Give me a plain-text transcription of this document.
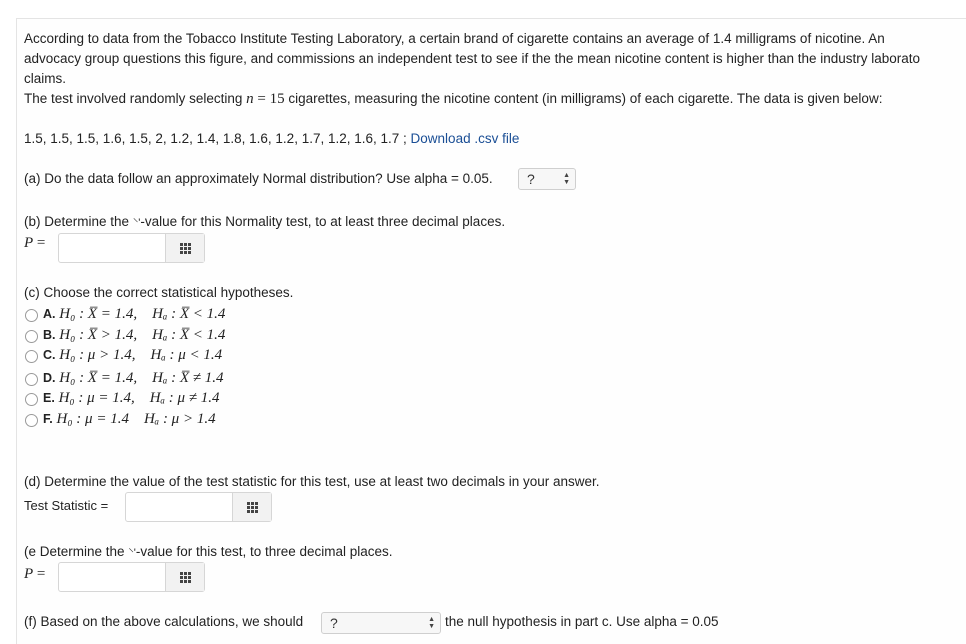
According to data from the Tobacco Institute Testing Laboratory, a certain brand of cigarette contains an average of 1.4 milligrams of nicotine. An
advocacy group questions this figure, and commissions an independent test to see if the the mean nicotine content is higher than the industry laborato
claims.
The test involved randomly selecting n = 15 cigarettes, measuring the nicotine content (in milligrams) of each cigarette. The data is given below:
1.5, 1.5, 1.5, 1.6, 1.5, 2, 1.2, 1.4, 1.8, 1.6, 1.2, 1.7, 1.2, 1.6, 1.7 ; Download .csv file
(a) Do the data follow an approximately Normal distribution? Use alpha = 0.05.	?	▲
▼
(b) Determine the ⸌'-value for this Normality test, to at least three decimal places.
P =
(c) Choose the correct statistical hypotheses.
A. H₀ : X̅ = 1.4, Hₐ : X̅ < 1.4
B. H₀ : X̅ > 1.4, Hₐ : X̅ < 1.4
C. H₀ : μ > 1.4, Hₐ : μ < 1.4
D. H₀ : X̅ = 1.4, Hₐ : X̅ ≠ 1.4
E. H₀ : μ = 1.4, Hₐ : μ ≠ 1.4
F. H₀ : μ = 1.4 Hₐ : μ > 1.4
(d) Determine the value of the test statistic for this test, use at least two decimals in your answer.
Test Statistic =
(e Determine the ⸌'-value for this test, to three decimal places.
P =
(f) Based on the above calculations, we should	?	▲
▼ the null hypothesis in part c. Use alpha = 0.05
